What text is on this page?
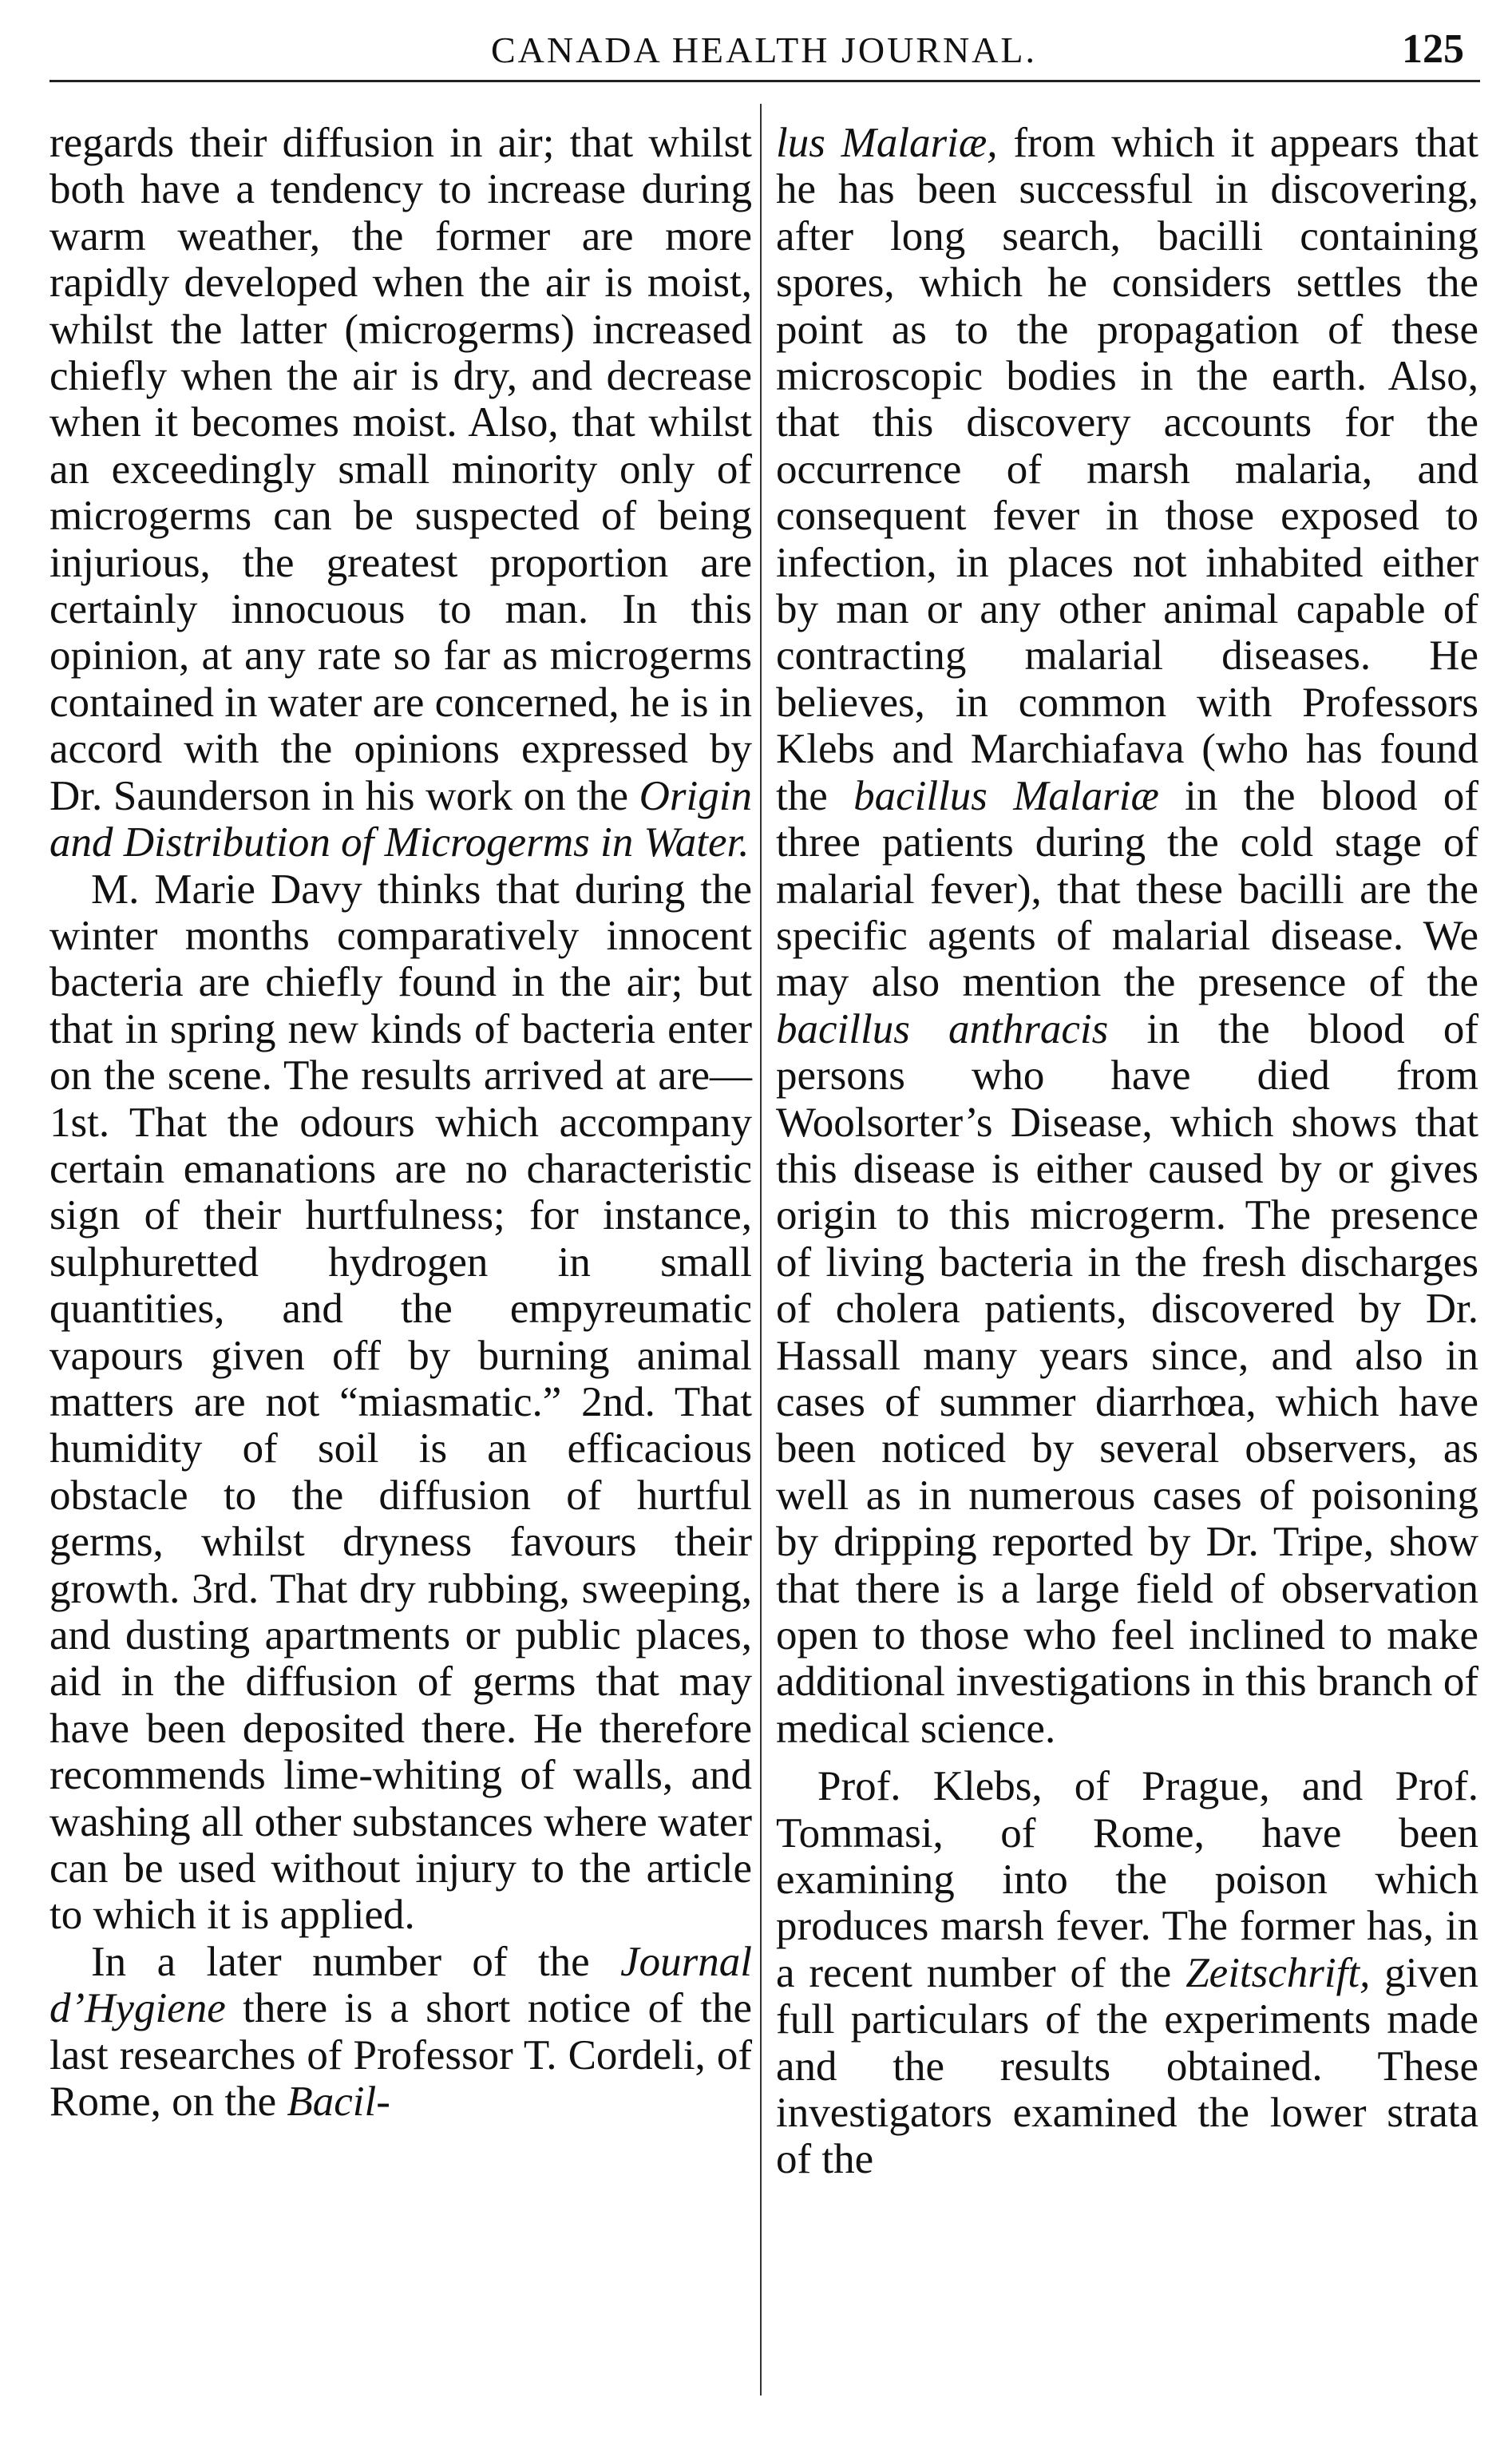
CANADA HEALTH JOURNAL.	125

regards their diffusion in air; that whilst both have a tendency to increase during warm weather, the former are more rapidly developed when the air is moist, whilst the latter (microgerms) increased chiefly when the air is dry, and decrease when it becomes moist. Also, that whilst an exceedingly small minority only of microgerms can be suspected of being injurious, the greatest proportion are certainly innocuous to man. In this opinion, at any rate so far as microgerms contained in water are concerned, he is in accord with the opinions expressed by Dr. Saunderson in his work on the Origin and Distribution of Microgerms in Water.

M. Marie Davy thinks that during the winter months comparatively innocent bacteria are chiefly found in the air; but that in spring new kinds of bacteria enter on the scene. The results arrived at are—1st. That the odours which accompany certain emanations are no characteristic sign of their hurtfulness; for instance, sulphuretted hydrogen in small quantities, and the empyreumatic vapours given off by burning animal matters are not “miasmatic.” 2nd. That humidity of soil is an efficacious obstacle to the diffusion of hurtful germs, whilst dryness favours their growth. 3rd. That dry rubbing, sweeping, and dusting apartments or public places, aid in the diffusion of germs that may have been deposited there. He therefore recommends lime-whiting of walls, and washing all other substances where water can be used without injury to the article to which it is applied.

In a later number of the Journal d’Hygiene there is a short notice of the last researches of Professor T. Cordeli, of Rome, on the Bacil-

lus Malariæ, from which it appears that he has been successful in discovering, after long search, bacilli containing spores, which he considers settles the point as to the propagation of these microscopic bodies in the earth. Also, that this discovery accounts for the occurrence of marsh malaria, and consequent fever in those exposed to infection, in places not inhabited either by man or any other animal capable of contracting malarial diseases. He believes, in common with Professors Klebs and Marchiafava (who has found the bacillus Malariæ in the blood of three patients during the cold stage of malarial fever), that these bacilli are the specific agents of malarial disease. We may also mention the presence of the bacillus anthracis in the blood of persons who have died from Woolsorter’s Disease, which shows that this disease is either caused by or gives origin to this microgerm. The presence of living bacteria in the fresh discharges of cholera patients, discovered by Dr. Hassall many years since, and also in cases of summer diarrhœa, which have been noticed by several observers, as well as in numerous cases of poisoning by dripping reported by Dr. Tripe, show that there is a large field of observation open to those who feel inclined to make additional investigations in this branch of medical science.

Prof. Klebs, of Prague, and Prof. Tommasi, of Rome, have been examining into the poison which produces marsh fever. The former has, in a recent number of the Zeitschrift, given full particulars of the experiments made and the results obtained. These investigators examined the lower strata of the
